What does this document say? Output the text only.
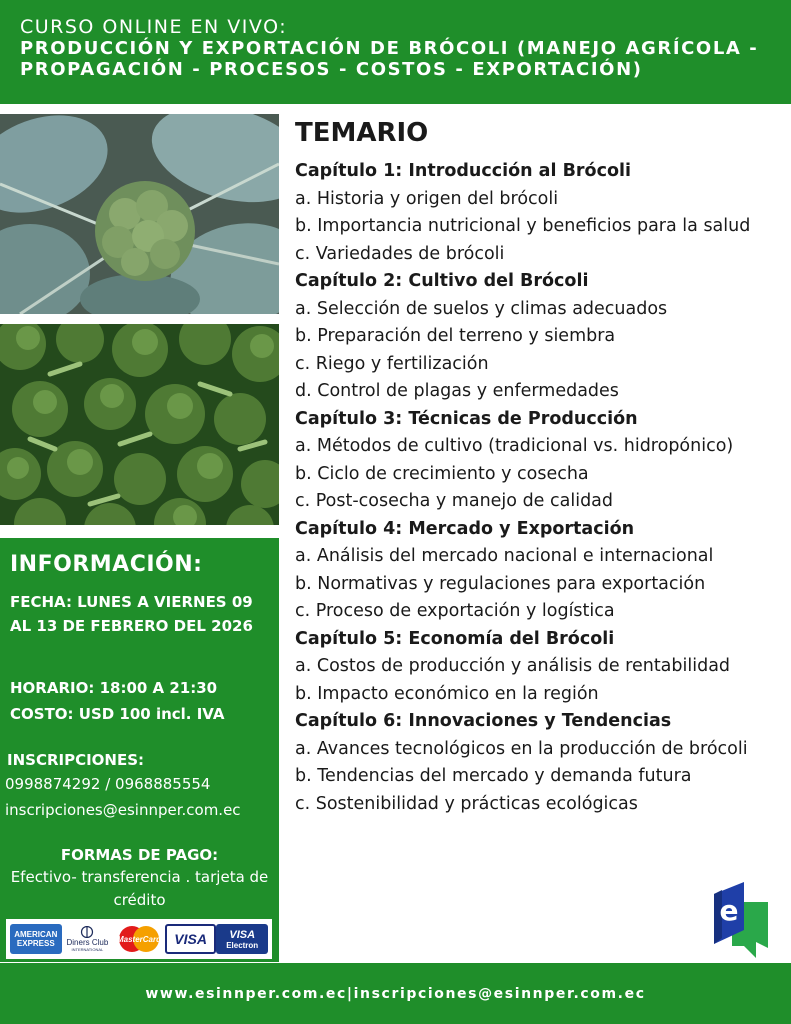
CURSO ONLINE EN VIVO:
PRODUCCIÓN Y EXPORTACIÓN DE BRÓCOLI (MANEJO AGRÍCOLA -
PROPAGACIÓN - PROCESOS - COSTOS - EXPORTACIÓN)
INFORMACIÓN:
FECHA: LUNES A VIERNES 09 AL 13 DE FEBRERO DEL 2026
HORARIO: 18:00 A 21:30
COSTO: USD 100 incl. IVA
INSCRIPCIONES:
0998874292 / 0968885554
inscripciones@esinnper.com.ec
FORMAS DE PAGO:
Efectivo- transferencia . tarjeta de crédito
AMERICAN EXPRESS	Diners Club
INTERNATIONAL
MasterCard VISA VISA
Electron
TEMARIO
Capítulo 1: Introducción al Brócoli
a. Historia y origen del brócoli
b. Importancia nutricional y beneficios para la salud
c. Variedades de brócoli
Capítulo 2: Cultivo del Brócoli
a. Selección de suelos y climas adecuados
b. Preparación del terreno y siembra
c. Riego y fertilización
d. Control de plagas y enfermedades
Capítulo 3: Técnicas de Producción
a. Métodos de cultivo (tradicional vs. hidropónico)
b. Ciclo de crecimiento y cosecha
c. Post-cosecha y manejo de calidad
Capítulo 4: Mercado y Exportación
a. Análisis del mercado nacional e internacional
b. Normativas y regulaciones para exportación
c. Proceso de exportación y logística
Capítulo 5: Economía del Brócoli
a. Costos de producción y análisis de rentabilidad
b. Impacto económico en la región
Capítulo 6: Innovaciones y Tendencias
a. Avances tecnológicos en la producción de brócoli
b. Tendencias del mercado y demanda futura
c. Sostenibilidad y prácticas ecológicas
e
www.esinnper.com.ec | inscripciones@esinnper.com.ec
